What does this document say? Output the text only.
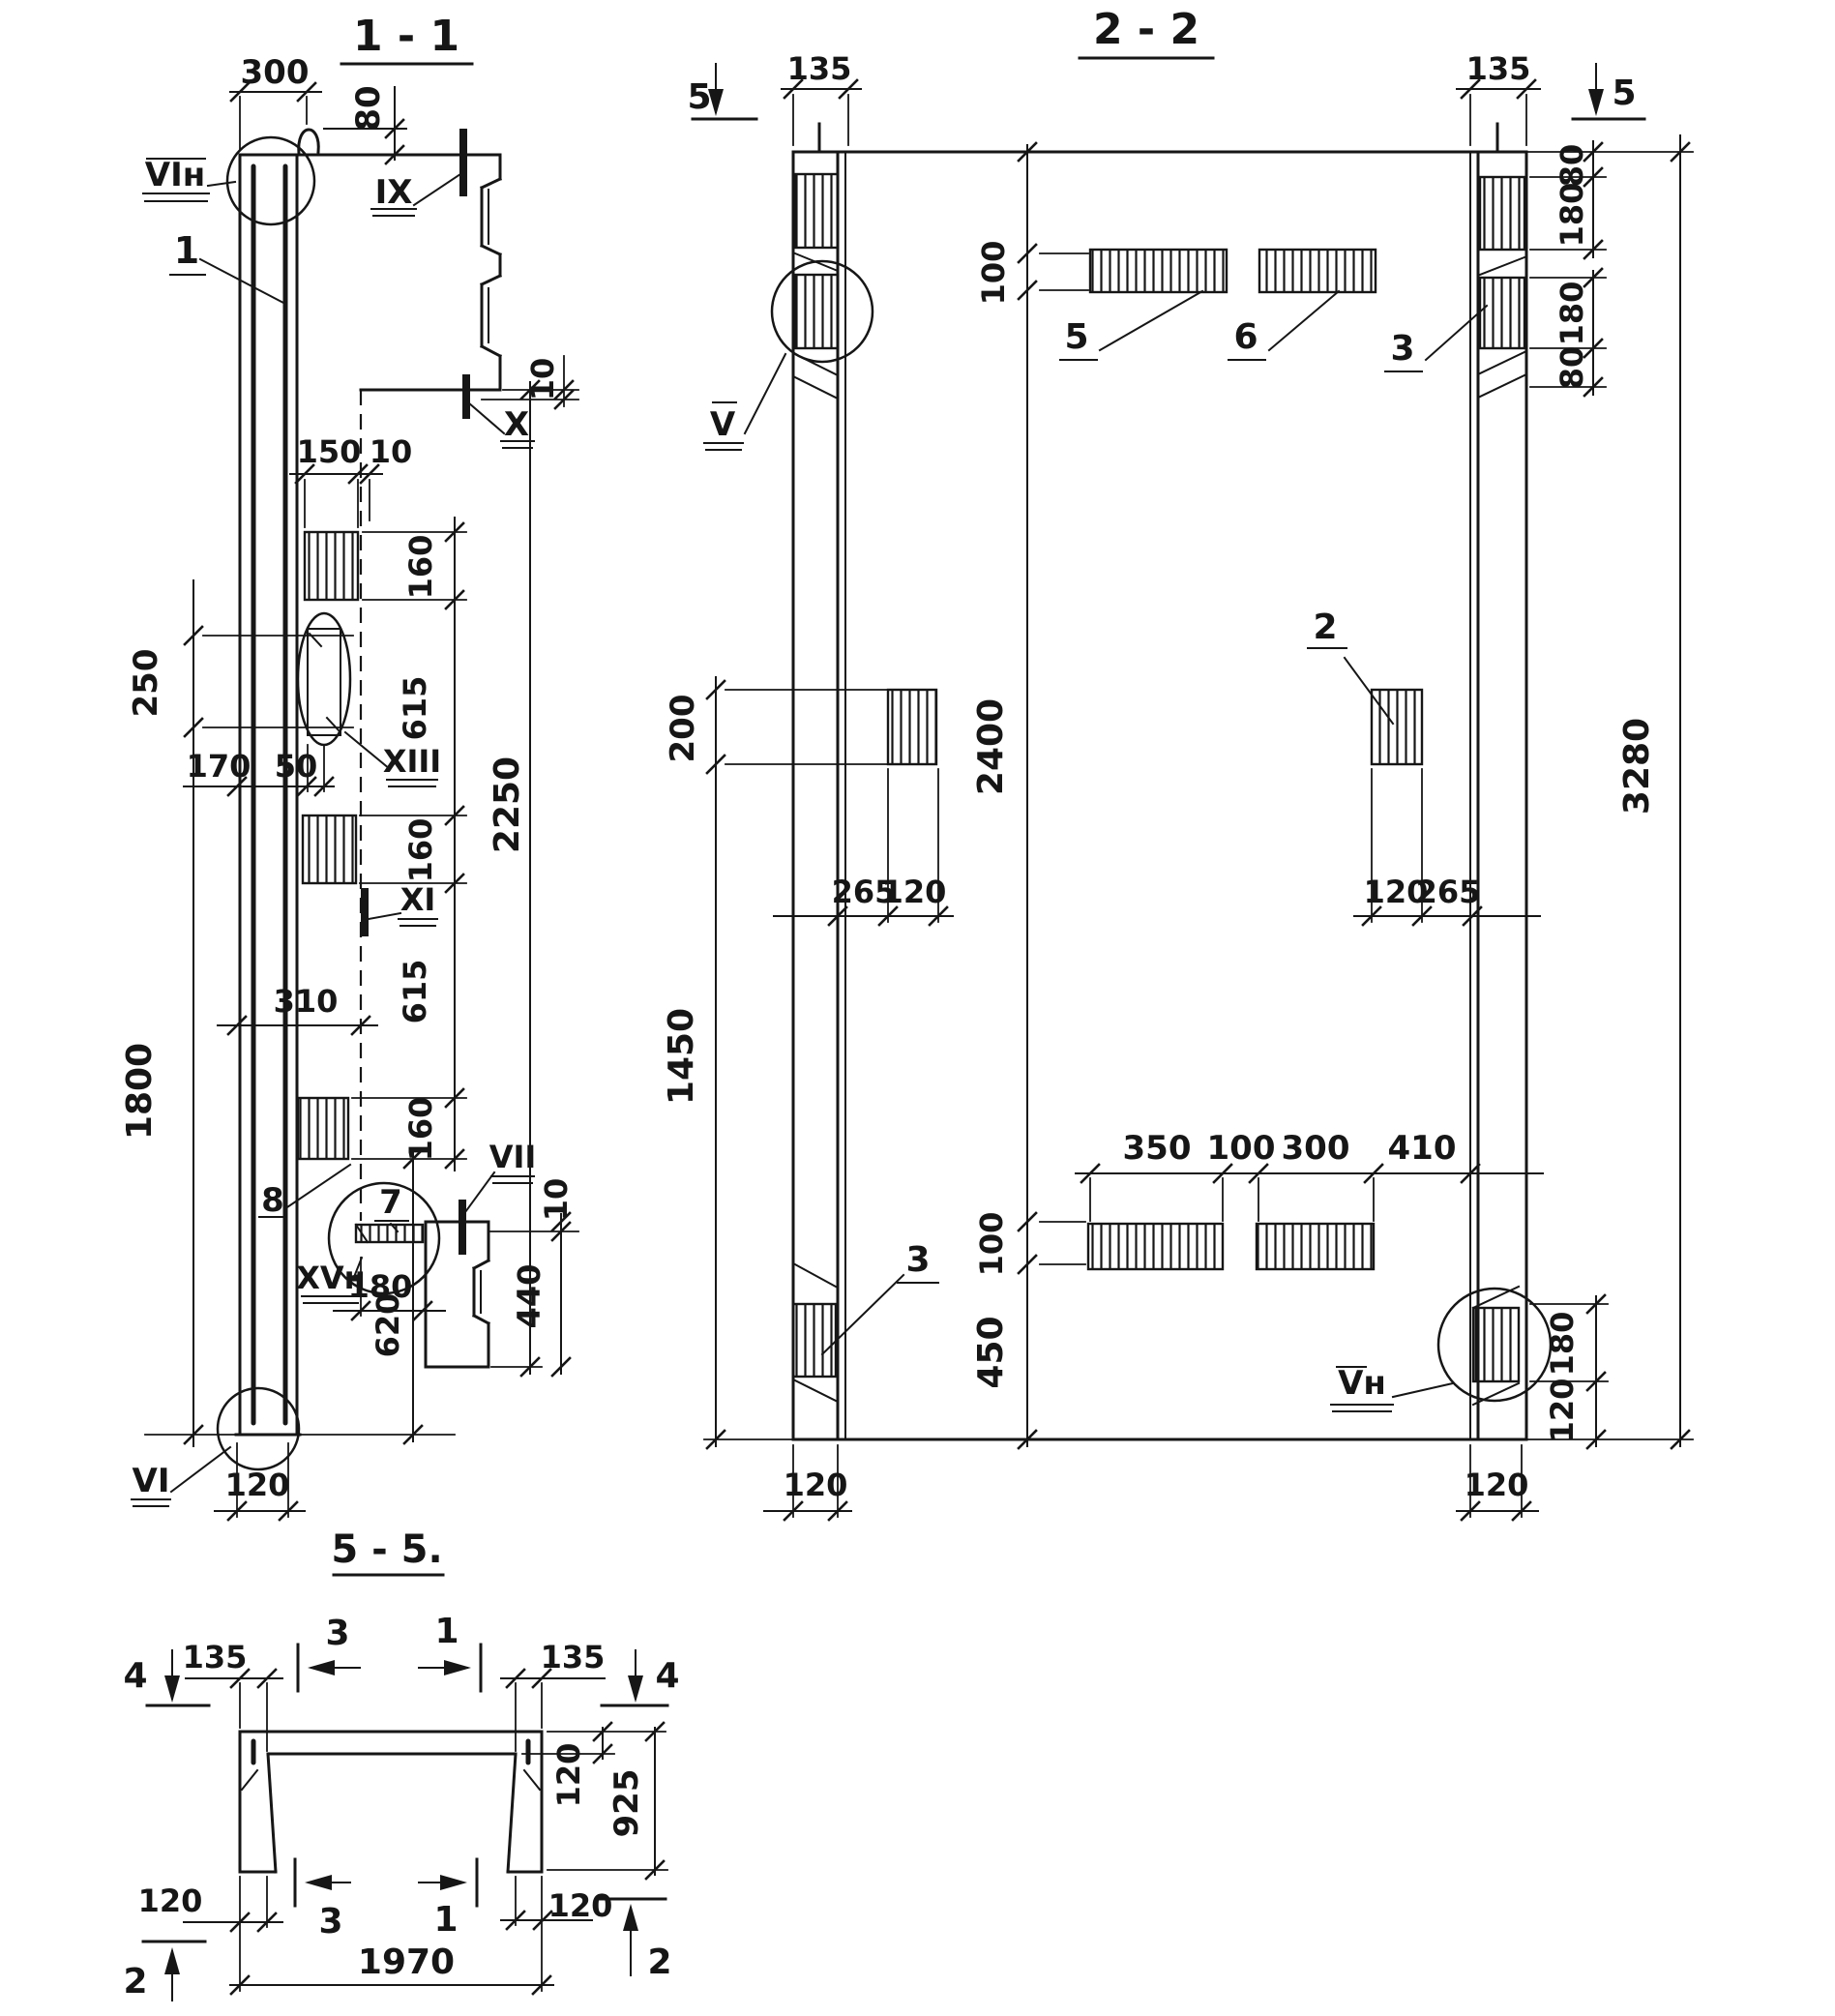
1 - 1
300
80
VIн
1
IX
150 10
X
10
160
615
250
170 50 XIII 2250
160
XI
615
310
1800	160
8	7
VII
10
XVн
180	440
620
VI 120
2 - 2
5
135	135
5
100
5	6	3
80
180
180
80
V
2
200	2400	3280
265
120	120
265
1450
350 100 300 410
100
3
450	Vн
180
120
120	120
5 - 5.
4 135
3 1
135 4
120 925
120
3	1	120
2	1970	2
